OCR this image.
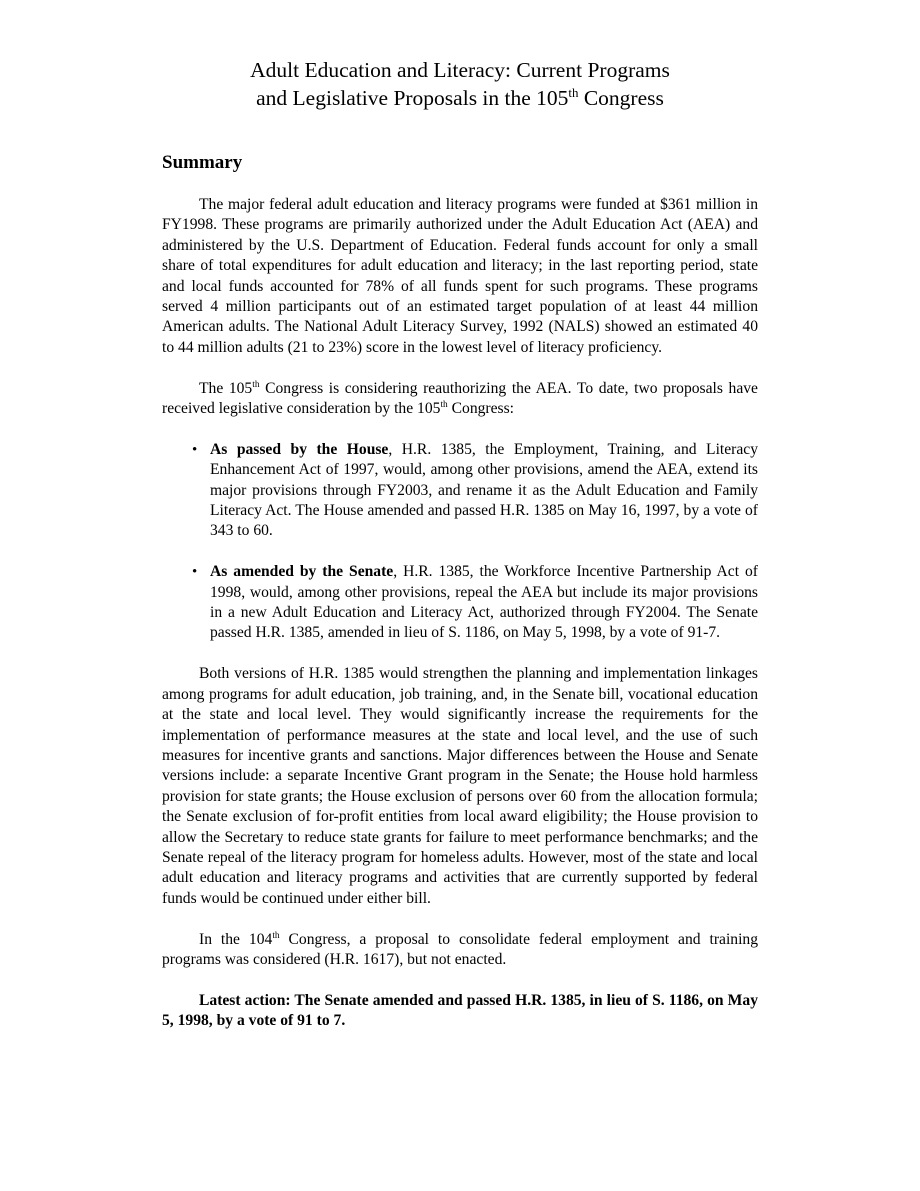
Adult Education and Literacy: Current Programs
and Legislative Proposals in the 105th Congress
Summary

The major federal adult education and literacy programs were funded at $361 million in FY1998. These programs are primarily authorized under the Adult Education Act (AEA) and administered by the U.S. Department of Education. Federal funds account for only a small share of total expenditures for adult education and literacy; in the last reporting period, state and local funds accounted for 78% of all funds spent for such programs. These programs served 4 million participants out of an estimated target population of at least 44 million American adults. The National Adult Literacy Survey, 1992 (NALS) showed an estimated 40 to 44 million adults (21 to 23%) score in the lowest level of literacy proficiency.

The 105th Congress is considering reauthorizing the AEA. To date, two proposals have received legislative consideration by the 105th Congress:

• As passed by the House, H.R. 1385, the Employment, Training, and Literacy Enhancement Act of 1997, would, among other provisions, amend the AEA, extend its major provisions through FY2003, and rename it as the Adult Education and Family Literacy Act. The House amended and passed H.R. 1385 on May 16, 1997, by a vote of 343 to 60.
• As amended by the Senate, H.R. 1385, the Workforce Incentive Partnership Act of 1998, would, among other provisions, repeal the AEA but include its major provisions in a new Adult Education and Literacy Act, authorized through FY2004. The Senate passed H.R. 1385, amended in lieu of S. 1186, on May 5, 1998, by a vote of 91-7.

Both versions of H.R. 1385 would strengthen the planning and implementation linkages among programs for adult education, job training, and, in the Senate bill, vocational education at the state and local level. They would significantly increase the requirements for the implementation of performance measures at the state and local level, and the use of such measures for incentive grants and sanctions. Major differences between the House and Senate versions include: a separate Incentive Grant program in the Senate; the House hold harmless provision for state grants; the House exclusion of persons over 60 from the allocation formula; the Senate exclusion of for-profit entities from local award eligibility; the House provision to allow the Secretary to reduce state grants for failure to meet performance benchmarks; and the Senate repeal of the literacy program for homeless adults. However, most of the state and local adult education and literacy programs and activities that are currently supported by federal funds would be continued under either bill.

In the 104th Congress, a proposal to consolidate federal employment and training programs was considered (H.R. 1617), but not enacted.

Latest action: The Senate amended and passed H.R. 1385, in lieu of S. 1186, on May 5, 1998, by a vote of 91 to 7.
